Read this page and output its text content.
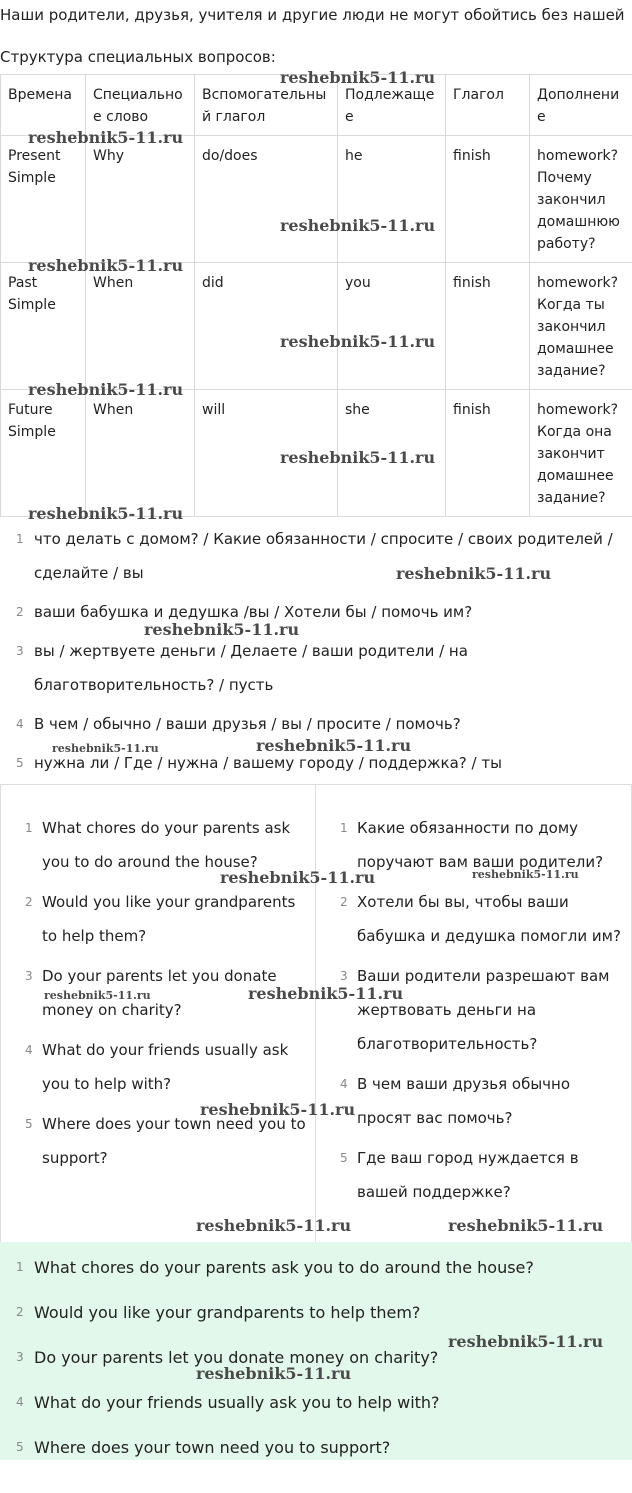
Наши родители, друзья, учителя и другие люди не могут обойтись без нашей
Структура специальных вопросов:
Времена	Специальное слово	Вспомогательный глагол	Подлежащее	Глагол	Дополнение
Present Simple	Why	do/does	he	finish	homework? Почему закончил домашнюю работу?
Past Simple	When	did	you	finish	homework? Когда ты закончил домашнее задание?
Future Simple	When	will	she	finish	homework? Когда она закончит домашнее задание?
1 что делать с домом? / Какие обязанности / спросите / своих родителей / сделайте / вы
2 ваши бабушка и дедушка /вы / Хотели бы / помочь им?
3 вы / жертвуете деньги / Делаете / ваши родители / на благотворительность? / пусть
4 В чем / обычно / ваши друзья / вы / просите / помочь?
5 нужна ли / Где / нужна / вашему городу / поддержка? / ты
1 What chores do your parents ask you to do around the house?
2 Would you like your grandparents to help them?
3 Do your parents let you donate money on charity?
4 What do your friends usually ask you to help with?
5 Where does your town need you to support?
1 Какие обязанности по дому поручают вам ваши родители?
2 Хотели бы вы, чтобы ваши бабушка и дедушка помогли им?
3 Ваши родители разрешают вам жертвовать деньги на благотворительность?
4 В чем ваши друзья обычно просят вас помочь?
5 Где ваш город нуждается в вашей поддержке?
1 What chores do your parents ask you to do around the house?
2 Would you like your grandparents to help them?
3 Do your parents let you donate money on charity?
4 What do your friends usually ask you to help with?
5 Where does your town need you to support?
reshebnik5-11.ru
reshebnik5-11.ru
reshebnik5-11.ru
reshebnik5-11.ru
reshebnik5-11.ru
reshebnik5-11.ru
reshebnik5-11.ru
reshebnik5-11.ru
reshebnik5-11.ru
reshebnik5-11.ru
reshebnik5-11.ru	reshebnik5-11.ru
reshebnik5-11.ru	reshebnik5-11.ru
reshebnik5-11.ru	reshebnik5-11.ru
reshebnik5-11.ru
reshebnik5-11.ru	reshebnik5-11.ru
reshebnik5-11.ru
reshebnik5-11.ru
